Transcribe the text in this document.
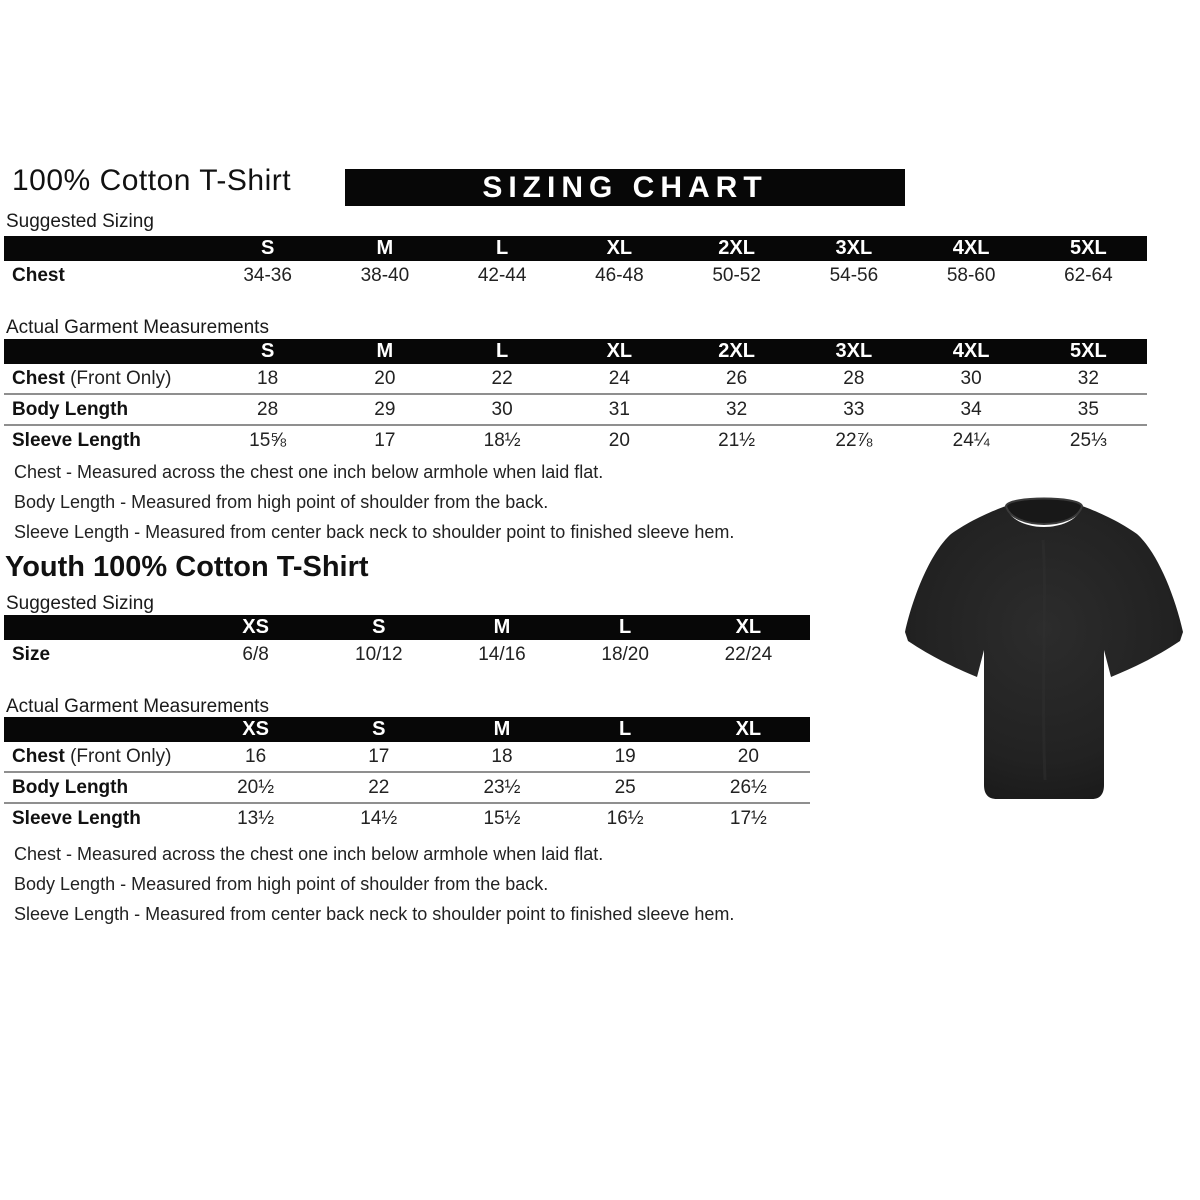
100% Cotton T-Shirt	SIZING CHART
Suggested Sizing
	S	M	L	XL	2XL	3XL	4XL	5XL
Chest	34-36	38-40	42-44	46-48	50-52	54-56	58-60	62-64
Actual Garment Measurements
	S	M	L	XL	2XL	3XL	4XL	5XL
Chest (Front Only)	18	20	22	24	26	28	30	32
Body Length	28	29	30	31	32	33	34	35
Sleeve Length	15⅝	17	18½	20	21½	22⅞	24¼	25⅓

Chest - Measured across the chest one inch below armhole when laid flat.

Body Length - Measured from high point of shoulder from the back.

Sleeve Length - Measured from center back neck to shoulder point to finished sleeve hem.

Youth 100% Cotton T-Shirt
Suggested Sizing
	XS	S	M	L	XL
Size	6/8	10/12	14/16	18/20	22/24
Actual Garment Measurements
	XS	S	M	L	XL
Chest (Front Only)	16	17	18	19	20
Body Length	20½	22	23½	25	26½
Sleeve Length	13½	14½	15½	16½	17½

Chest - Measured across the chest one inch below armhole when laid flat.

Body Length - Measured from high point of shoulder from the back.

Sleeve Length - Measured from center back neck to shoulder point to finished sleeve hem.
